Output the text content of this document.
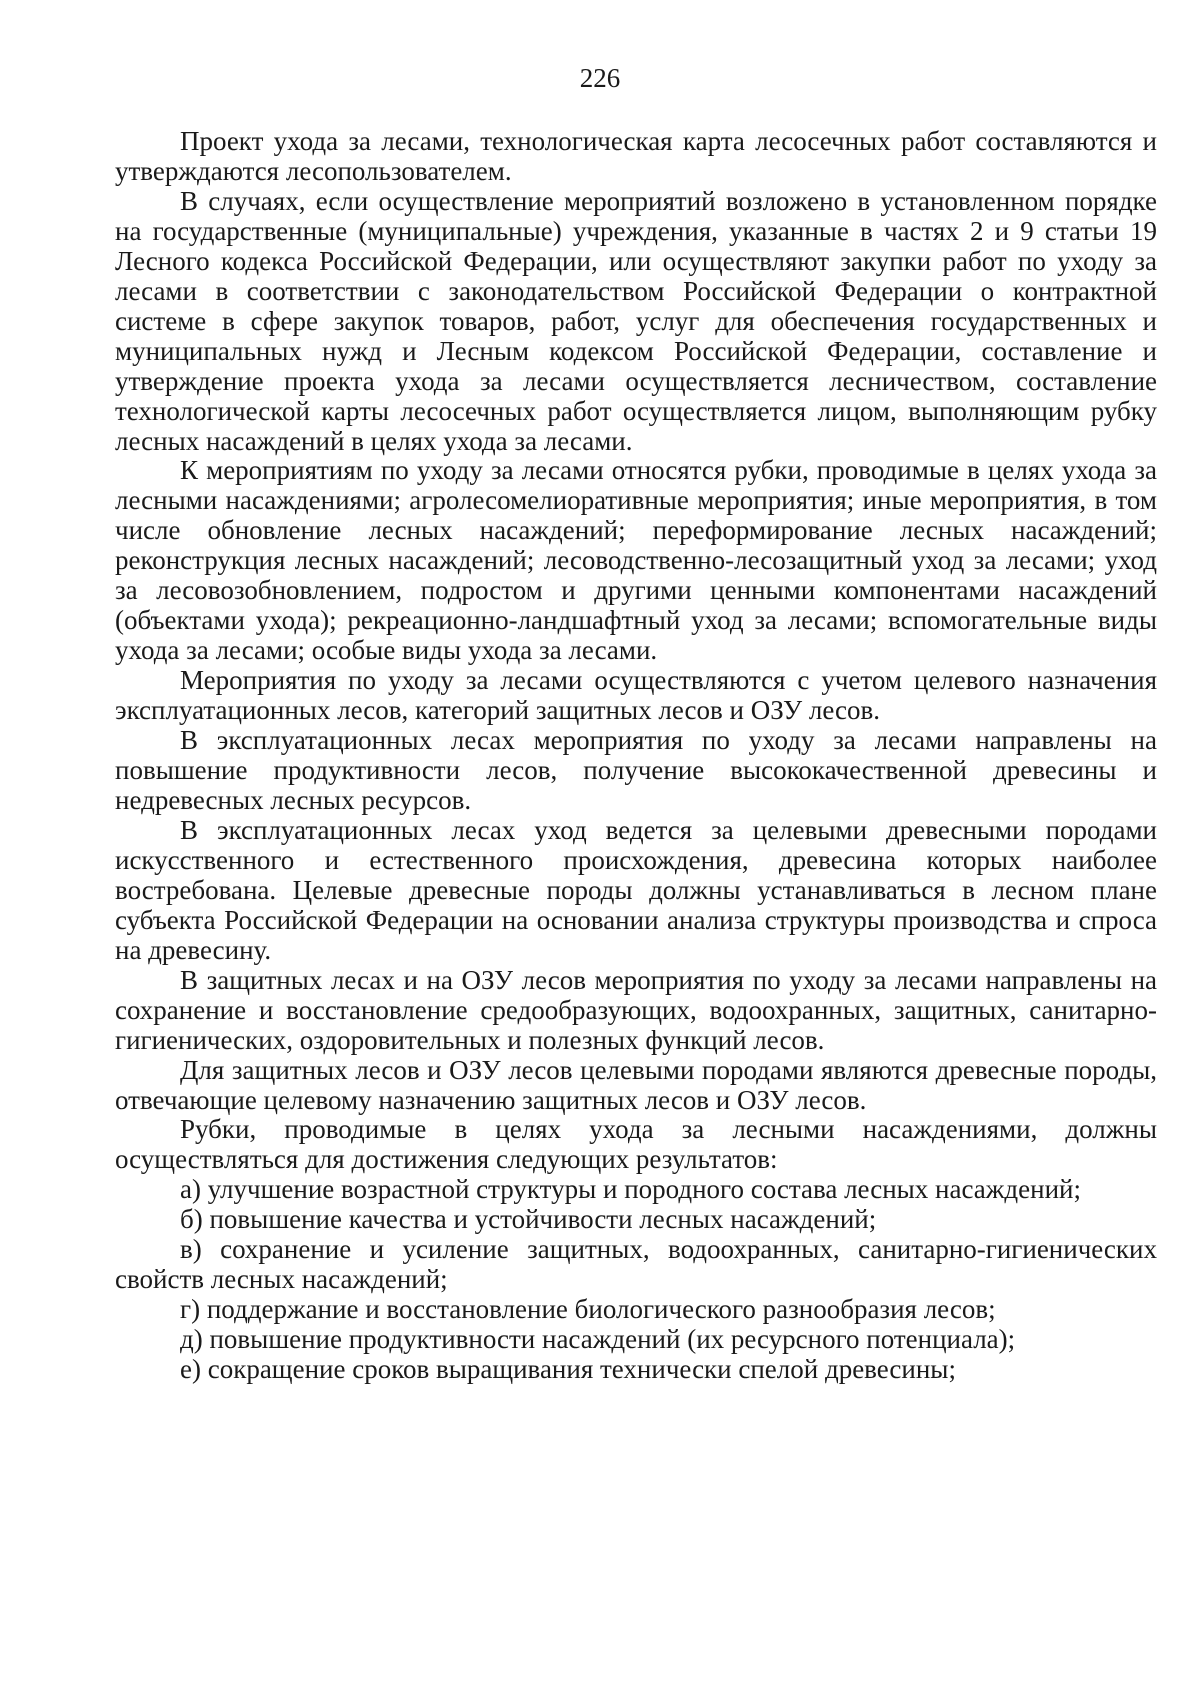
226

Проект ухода за лесами, технологическая карта лесосечных работ составляются и утверждаются лесопользователем.

В случаях, если осуществление мероприятий возложено в установленном порядке на государственные (муниципальные) учреждения, указанные в частях 2 и 9 статьи 19 Лесного кодекса Российской Федерации, или осуществляют закупки работ по уходу за лесами в соответствии с законодательством Российской Федерации о контрактной системе в сфере закупок товаров, работ, услуг для обеспечения государственных и муниципальных нужд и Лесным кодексом Российской Федерации, составление и утверждение проекта ухода за лесами осуществляется лесничеством, составление технологической карты лесосечных работ осуществляется лицом, выполняющим рубку лесных насаждений в целях ухода за лесами.

К мероприятиям по уходу за лесами относятся рубки, проводимые в целях ухода за лесными насаждениями; агролесомелиоративные мероприятия; иные мероприятия, в том числе обновление лесных насаждений; переформирование лесных насаждений; реконструкция лесных насаждений; лесоводственно-лесозащитный уход за лесами; уход за лесовозобновлением, подростом и другими ценными компонентами насаждений (объектами ухода); рекреационно-ландшафтный уход за лесами; вспомогательные виды ухода за лесами; особые виды ухода за лесами.

Мероприятия по уходу за лесами осуществляются с учетом целевого назначения эксплуатационных лесов, категорий защитных лесов и ОЗУ лесов.

В эксплуатационных лесах мероприятия по уходу за лесами направлены на повышение продуктивности лесов, получение высококачественной древесины и недревесных лесных ресурсов.

В эксплуатационных лесах уход ведется за целевыми древесными породами искусственного и естественного происхождения, древесина которых наиболее востребована. Целевые древесные породы должны устанавливаться в лесном плане субъекта Российской Федерации на основании анализа структуры производства и спроса на древесину.

В защитных лесах и на ОЗУ лесов мероприятия по уходу за лесами направлены на сохранение и восстановление средообразующих, водоохранных, защитных, санитарно-гигиенических, оздоровительных и полезных функций лесов.

Для защитных лесов и ОЗУ лесов целевыми породами являются древесные породы, отвечающие целевому назначению защитных лесов и ОЗУ лесов.

Рубки, проводимые в целях ухода за лесными насаждениями, должны осуществляться для достижения следующих результатов:

а) улучшение возрастной структуры и породного состава лесных насаждений;

б) повышение качества и устойчивости лесных насаждений;

в) сохранение и усиление защитных, водоохранных, санитарно-гигиенических свойств лесных насаждений;

г) поддержание и восстановление биологического разнообразия лесов;

д) повышение продуктивности насаждений (их ресурсного потенциала);

е) сокращение сроков выращивания технически спелой древесины;
